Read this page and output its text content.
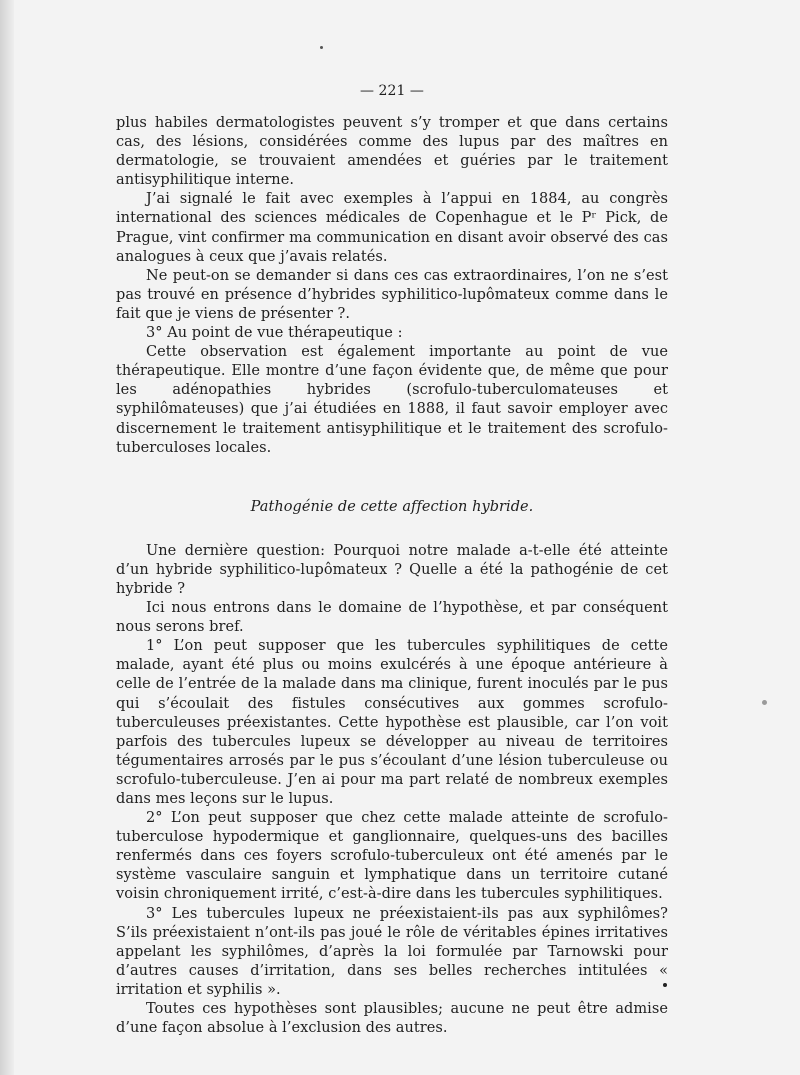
— 221 —

plus habiles dermatologistes peuvent s’y tromper et que dans certains cas, des lésions, considérées comme des lupus par des maîtres en dermatologie, se trouvaient amendées et guéries par le traitement antisyphilitique interne.

J’ai signalé le fait avec exemples à l’appui en 1884, au congrès international des sciences médicales de Copenhague et le Pʳ Pick, de Prague, vint confirmer ma communication en disant avoir observé des cas analogues à ceux que j’avais relatés.

Ne peut-on se demander si dans ces cas extraordinaires, l’on ne s’est pas trouvé en présence d’hybrides syphilitico-lupômateux comme dans le fait que je viens de présenter ?.

3° Au point de vue thérapeutique :

Cette observation est également importante au point de vue thérapeutique. Elle montre d’une façon évidente que, de même que pour les adénopathies hybrides (scrofulo-tuberculomateuses et syphilômateuses) que j’ai étudiées en 1888, il faut savoir employer avec discernement le traitement antisyphilitique et le traitement des scrofulo-tuberculoses locales.

Pathogénie de cette affection hybride.

Une dernière question: Pourquoi notre malade a-t-elle été atteinte d’un hybride syphilitico-lupômateux ? Quelle a été la pathogénie de cet hybride ?

Ici nous entrons dans le domaine de l’hypothèse, et par conséquent nous serons bref.

1° L’on peut supposer que les tubercules syphilitiques de cette malade, ayant été plus ou moins exulcérés à une époque antérieure à celle de l’entrée de la malade dans ma clinique, furent inoculés par le pus qui s’écoulait des fistules consécutives aux gommes scrofulo-tuberculeuses préexistantes. Cette hypothèse est plausible, car l’on voit parfois des tubercules lupeux se développer au niveau de territoires tégumentaires arrosés par le pus s’écoulant d’une lésion tuberculeuse ou scrofulo-tuberculeuse. J’en ai pour ma part relaté de nombreux exemples dans mes leçons sur le lupus.

2° L’on peut supposer que chez cette malade atteinte de scrofulo-tuberculose hypodermique et ganglionnaire, quelques-uns des bacilles renfermés dans ces foyers scrofulo-tuberculeux ont été amenés par le système vasculaire sanguin et lymphatique dans un territoire cutané voisin chroniquement irrité, c’est-à-dire dans les tubercules syphilitiques.

3° Les tubercules lupeux ne préexistaient-ils pas aux syphilômes? S’ils préexistaient n’ont-ils pas joué le rôle de véritables épines irritatives appelant les syphilômes, d’après la loi formulée par Tarnowski pour d’autres causes d’irritation, dans ses belles recherches intitulées « irritation et syphilis ».

Toutes ces hypothèses sont plausibles; aucune ne peut être admise d’une façon absolue à l’exclusion des autres.
